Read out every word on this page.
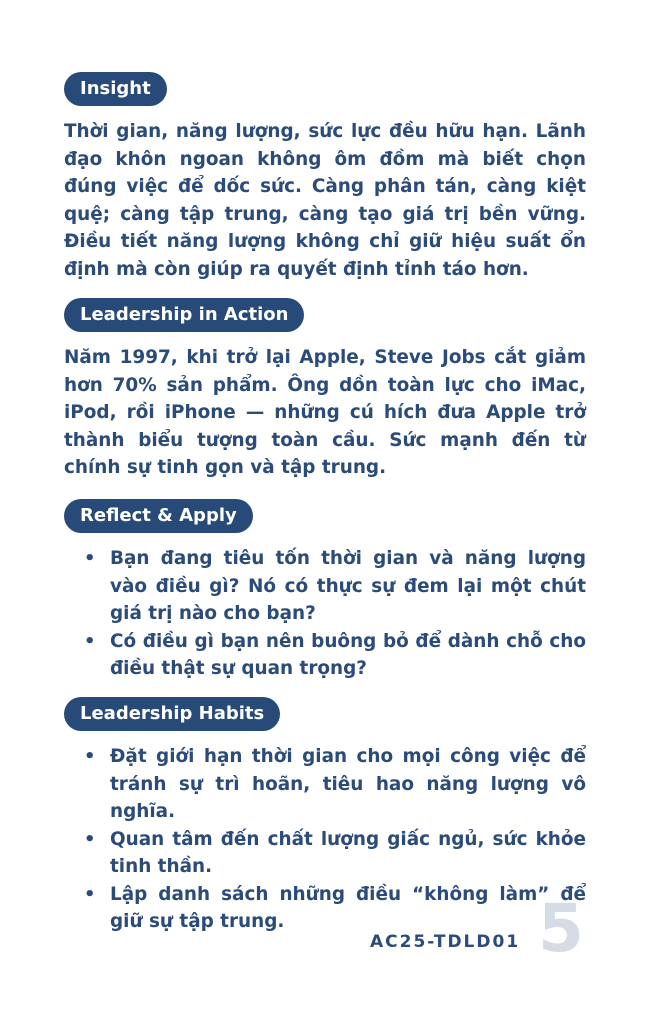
Insight

Thời gian, năng lượng, sức lực đều hữu hạn. Lãnh đạo khôn ngoan không ôm đồm mà biết chọn đúng việc để dốc sức. Càng phân tán, càng kiệt quệ; càng tập trung, càng tạo giá trị bền vững. Điều tiết năng lượng không chỉ giữ hiệu suất ổn định mà còn giúp ra quyết định tỉnh táo hơn.

Leadership in Action

Năm 1997, khi trở lại Apple, Steve Jobs cắt giảm hơn 70% sản phẩm. Ông dồn toàn lực cho iMac, iPod, rồi iPhone — những cú hích đưa Apple trở thành biểu tượng toàn cầu. Sức mạnh đến từ chính sự tinh gọn và tập trung.

Reflect & Apply
• Bạn đang tiêu tốn thời gian và năng lượng vào điều gì? Nó có thực sự đem lại một chút giá trị nào cho bạn?
• Có điều gì bạn nên buông bỏ để dành chỗ cho điều thật sự quan trọng?
Leadership Habits
• Đặt giới hạn thời gian cho mọi công việc để tránh sự trì hoãn, tiêu hao năng lượng vô nghĩa.
• Quan tâm đến chất lượng giấc ngủ, sức khỏe tinh thần.
• Lập danh sách những điều “không làm” để giữ sự tập trung.
AC25-TDLD01 5
